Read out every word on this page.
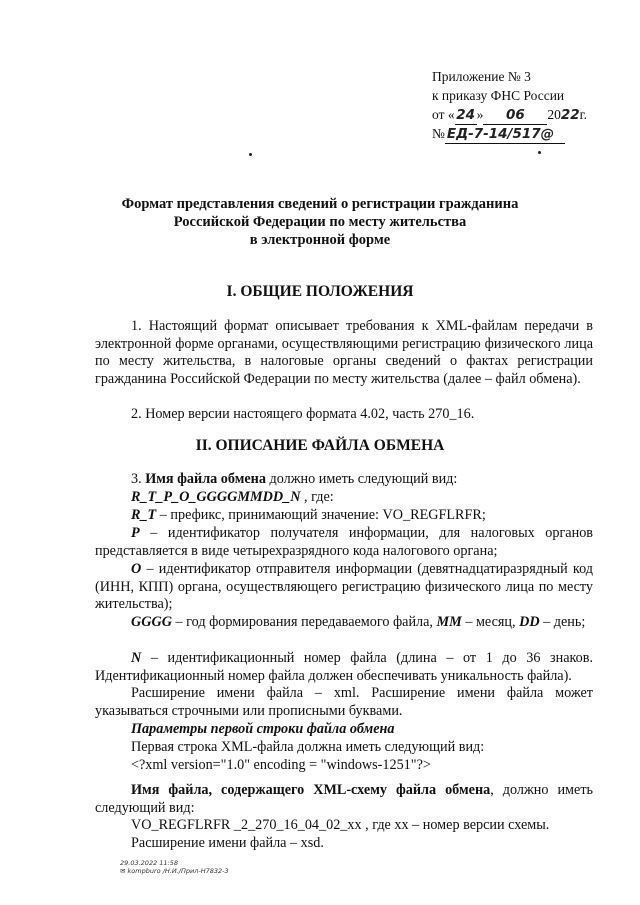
Приложение № 3
к приказу ФНС России
от « 24 » 06 2022г.
№ ЕД-7-14/517@
Формат представления сведений о регистрации гражданина
Российской Федерации по месту жительства
в электронной форме
I. ОБЩИЕ ПОЛОЖЕНИЯ
1. Настоящий формат описывает требования к XML-файлам передачи в электронной форме органами, осуществляющими регистрацию физического лица по месту жительства, в налоговые органы сведений о фактах регистрации гражданина Российской Федерации по месту жительства (далее – файл обмена).
2. Номер версии настоящего формата 4.02, часть 270_16.
II. ОПИСАНИЕ ФАЙЛА ОБМЕНА
3. Имя файла обмена должно иметь следующий вид:
R_T_P_O_GGGGMMDD_N , где:
R_T – префикс, принимающий значение: VO_REGFLRFR;
P – идентификатор получателя информации, для налоговых органов представляется в виде четырехразрядного кода налогового органа;
O – идентификатор отправителя информации (девятнадцатиразрядный код (ИНН, КПП) органа, осуществляющего регистрацию физического лица по месту жительства);
GGGG – год формирования передаваемого файла, MM – месяц, DD – день;
N – идентификационный номер файла (длина – от 1 до 36 знаков. Идентификационный номер файла должен обеспечивать уникальность файла).
Расширение имени файла – xml. Расширение имени файла может указываться строчными или прописными буквами.
Параметры первой строки файла обмена
Первая строка XML-файла должна иметь следующий вид:
<?xml version="1.0" encoding = "windows-1251"?>
Имя файла, содержащего XML-схему файла обмена, должно иметь следующий вид:
VO_REGFLRFR _2_270_16_04_02_xx , где хх – номер версии схемы.
Расширение имени файла – xsd.
29.03.2022 11:58
✉ kompburo /Н.И./Прил-Н7832-3
